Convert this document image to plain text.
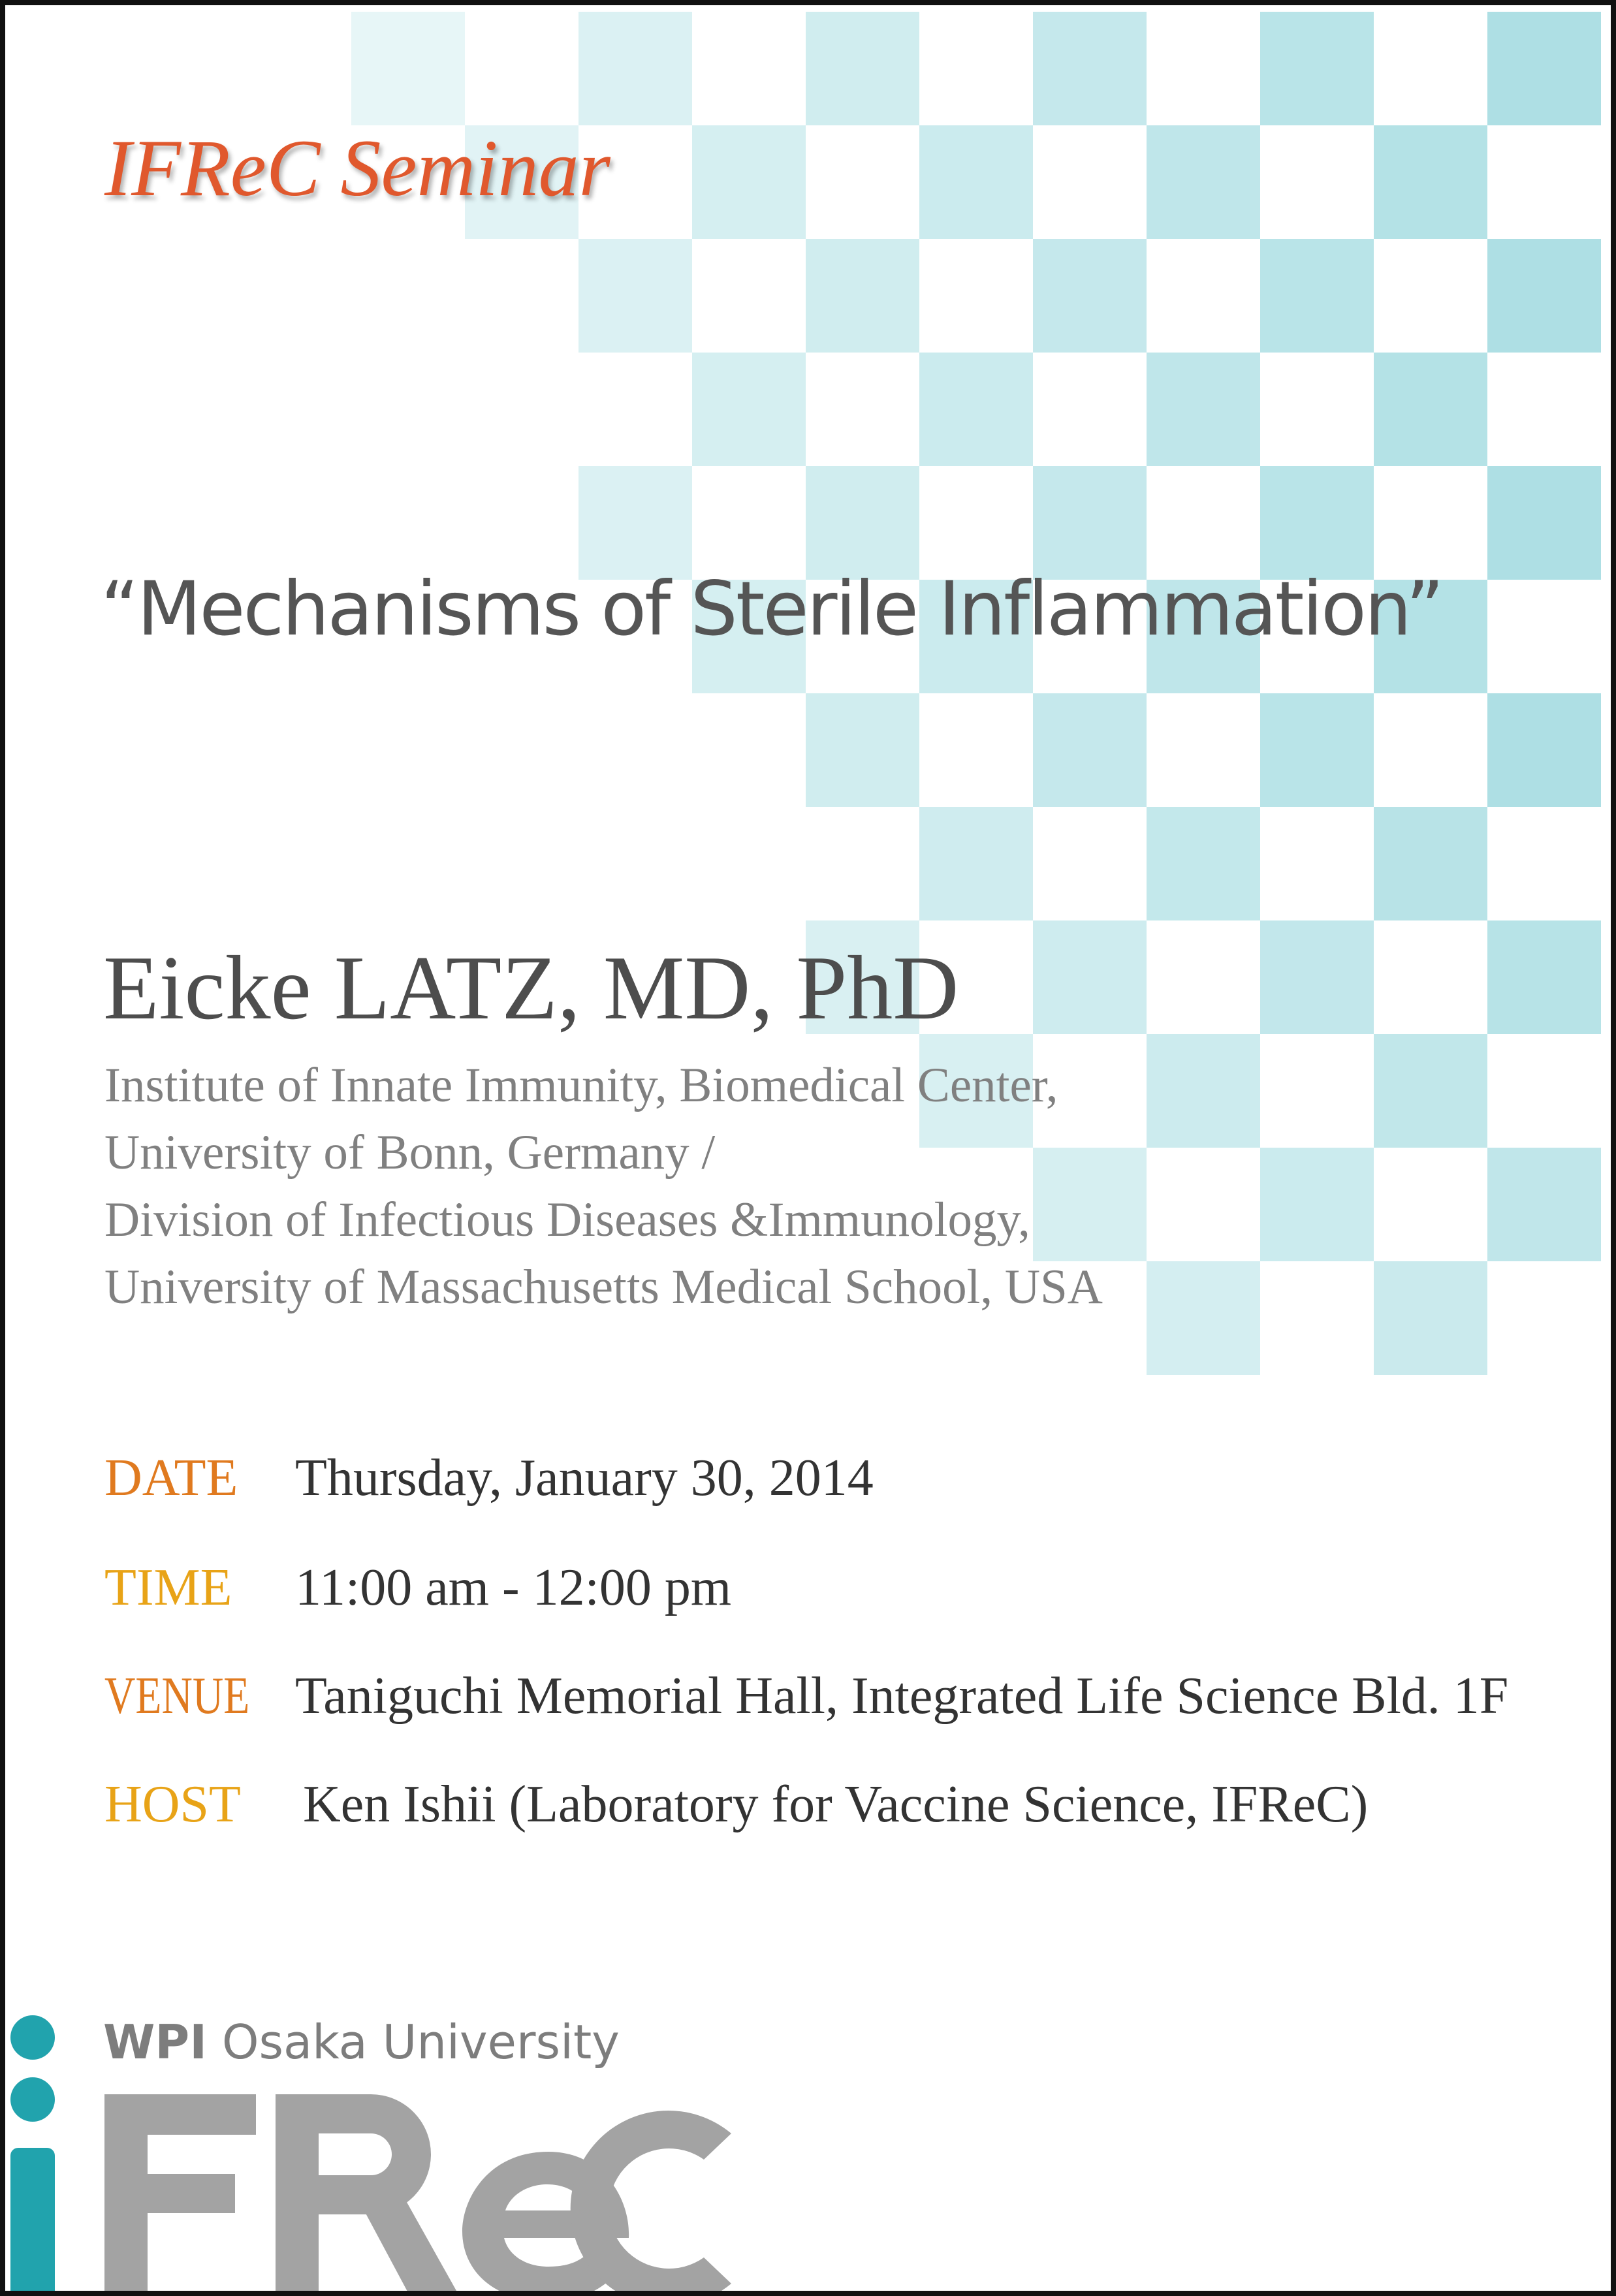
IFReC Seminar
“Mechanisms of Sterile Inflammation”
Eicke LATZ, MD, PhD
Institute of Innate Immunity, Biomedical Center,
University of Bonn, Germany /
Division of Infectious Diseases &Immunology,
University of Massachusetts Medical School, USA
DATE Thursday, January 30, 2014
TIME 11:00 am - 12:00 pm
VENUE Taniguchi Memorial Hall, Integrated Life Science Bld. 1F
HOST Ken Ishii (Laboratory for Vaccine Science, IFReC)
WPI Osaka University
